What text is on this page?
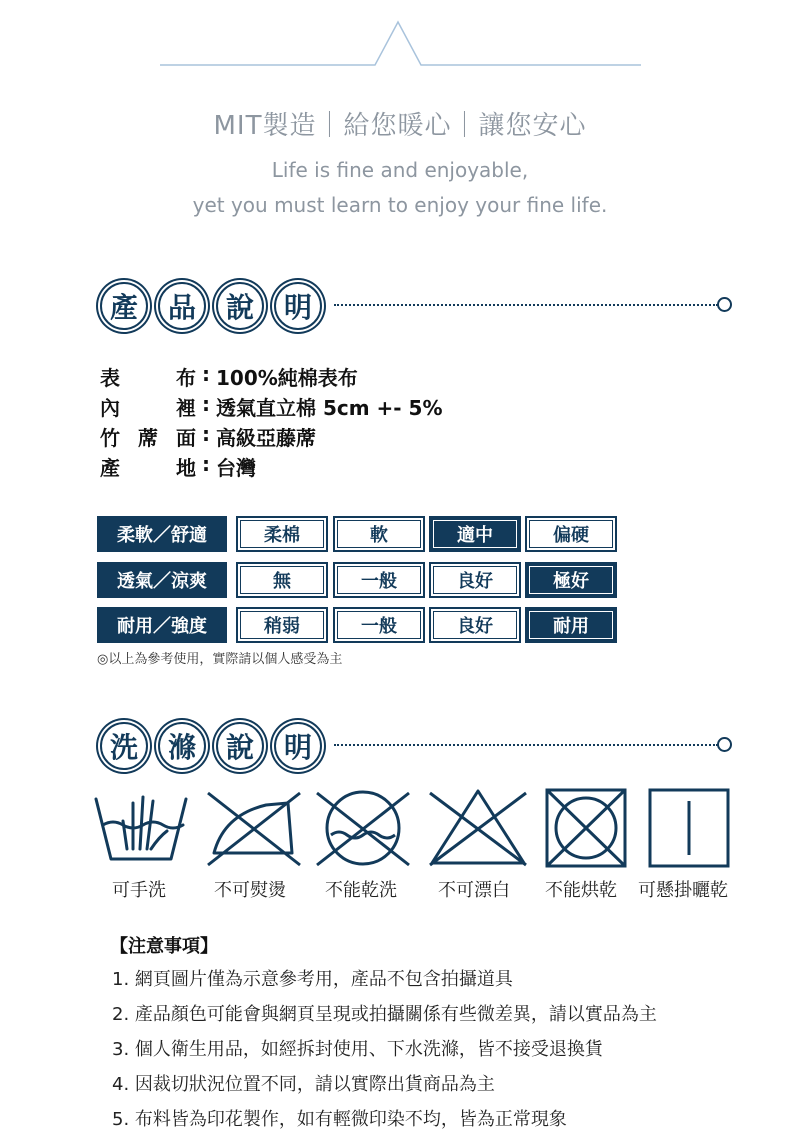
MIT製造｜給您暖心｜讓您安心
Life is fine and enjoyable,
yet you must learn to enjoy your fine life.
產	品	說	明
表	布 : 100%純棉表布
內	裡 : 透氣直立棉 5cm +- 5%
竹 蓆 面 : 高級亞藤蓆
產	地 : 台灣
柔軟／舒適	柔棉	軟	適中	偏硬
透氣／涼爽	無	一般	良好	極好
耐用／強度	稍弱	一般	良好	耐用
◎以上為參考使用，實際請以個人感受為主
洗	滌	說	明
可手洗	不可熨燙 不能乾洗 不可漂白 不能烘乾 可懸掛曬乾
【注意事項】
1. 網頁圖片僅為示意參考用，產品不包含拍攝道具
2. 產品顏色可能會與網頁呈現或拍攝關係有些微差異，請以實品為主
3. 個人衛生用品，如經拆封使用、下水洗滌，皆不接受退換貨
4. 因裁切狀況位置不同，請以實際出貨商品為主
5. 布料皆為印花製作，如有輕微印染不均，皆為正常現象
